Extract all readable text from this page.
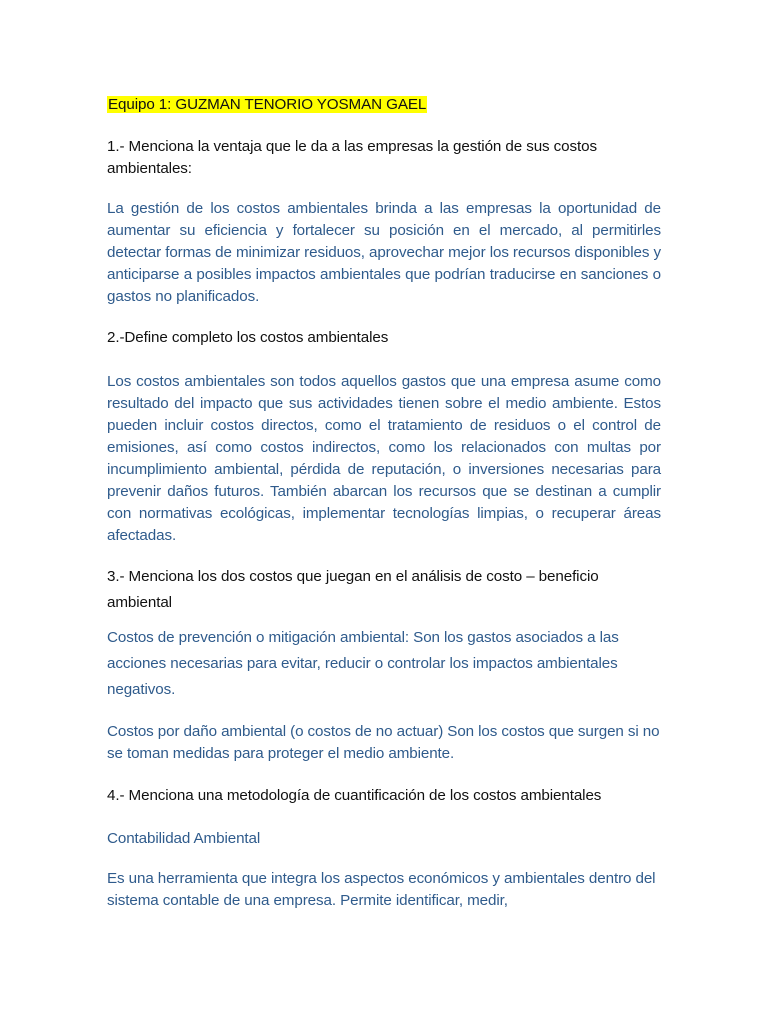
Equipo 1: GUZMAN TENORIO YOSMAN GAEL

1.- Menciona la ventaja que le da a las empresas la gestión de sus costos ambientales:

La gestión de los costos ambientales brinda a las empresas la oportunidad de aumentar su eficiencia y fortalecer su posición en el mercado, al permitirles detectar formas de minimizar residuos, aprovechar mejor los recursos disponibles y anticiparse a posibles impactos ambientales que podrían traducirse en sanciones o gastos no planificados.

2.-Define completo los costos ambientales

Los costos ambientales son todos aquellos gastos que una empresa asume como resultado del impacto que sus actividades tienen sobre el medio ambiente. Estos pueden incluir costos directos, como el tratamiento de residuos o el control de emisiones, así como costos indirectos, como los relacionados con multas por incumplimiento ambiental, pérdida de reputación, o inversiones necesarias para prevenir daños futuros. También abarcan los recursos que se destinan a cumplir con normativas ecológicas, implementar tecnologías limpias, o recuperar áreas afectadas.

3.- Menciona los dos costos que juegan en el análisis de costo – beneficio ambiental

Costos de prevención o mitigación ambiental: Son los gastos asociados a las acciones necesarias para evitar, reducir o controlar los impactos ambientales negativos.

Costos por daño ambiental (o costos de no actuar) Son los costos que surgen si no se toman medidas para proteger el medio ambiente.

4.- Menciona una metodología de cuantificación de los costos ambientales

Contabilidad Ambiental

Es una herramienta que integra los aspectos económicos y ambientales dentro del sistema contable de una empresa. Permite identificar, medir,
